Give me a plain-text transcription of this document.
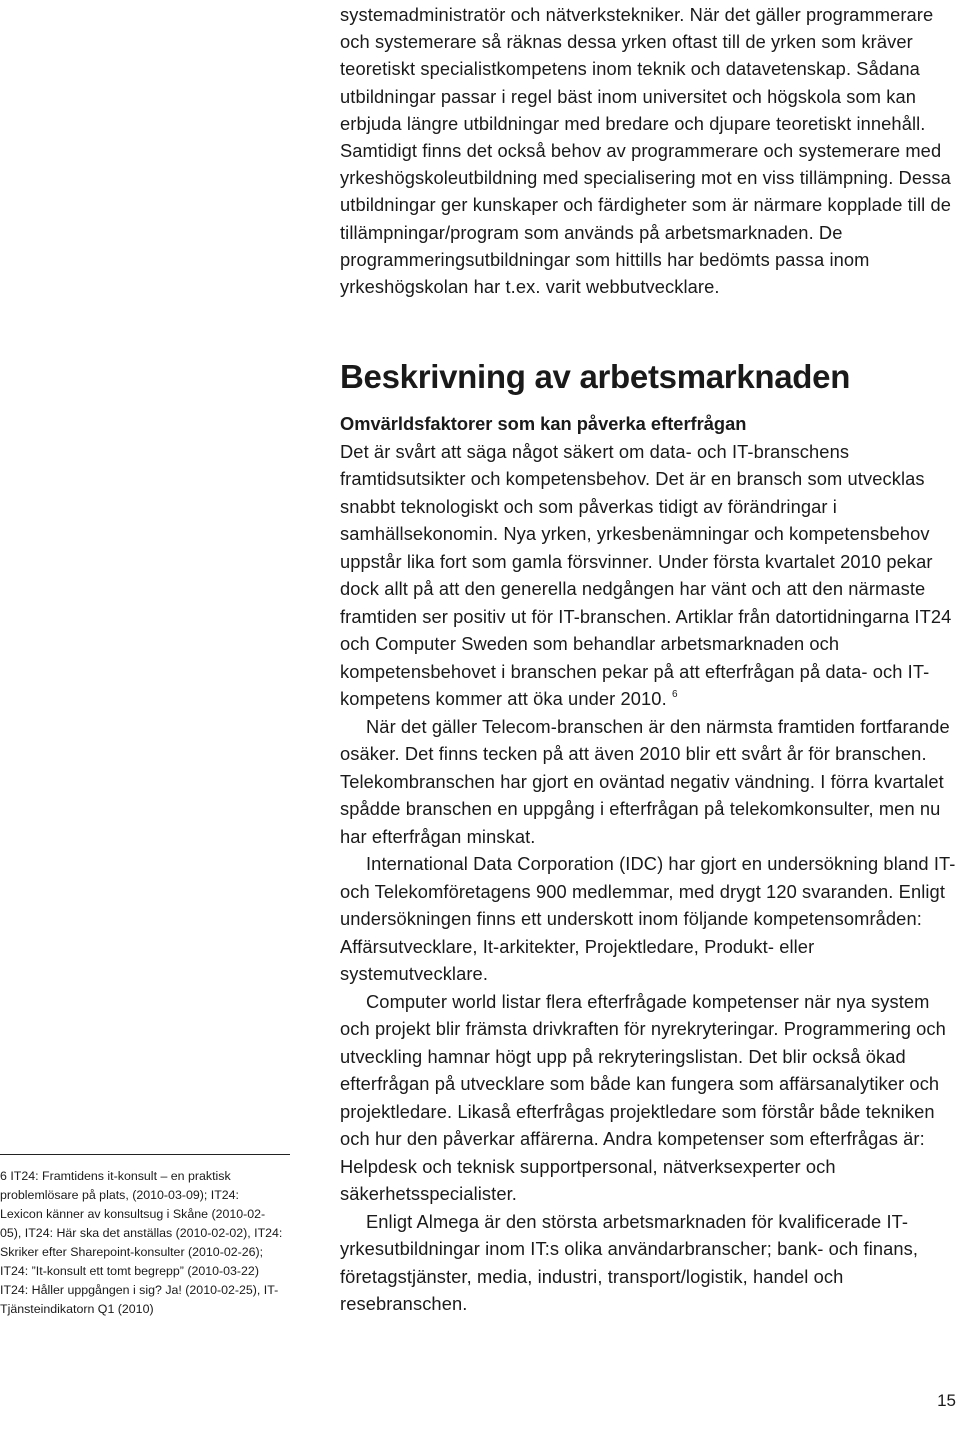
systemadministratör och nätverkstekniker. När det gäller programmerare och systemerare så räknas dessa yrken oftast till de yrken som kräver teoretiskt specialistkompetens inom teknik och datavetenskap. Sådana utbildningar passar i regel bäst inom universitet och högskola som kan erbjuda längre utbildningar med bredare och djupare teoretiskt innehåll. Samtidigt finns det också behov av programmerare och systemerare med yrkeshögskoleutbildning med specialisering mot en viss tillämpning. Dessa utbildningar ger kunskaper och färdigheter som är närmare kopplade till de tillämpningar/program som används på arbetsmarknaden. De programmeringsutbildningar som hittills har bedömts passa inom yrkeshögskolan har t.ex. varit webbutvecklare.

Beskrivning av arbetsmarknaden

Omvärldsfaktorer som kan påverka efterfrågan

Det är svårt att säga något säkert om data- och IT-branschens framtidsutsikter och kompetensbehov. Det är en bransch som utvecklas snabbt teknologiskt och som påverkas tidigt av förändringar i samhällsekonomin. Nya yrken, yrkesbenämningar och kompetensbehov uppstår lika fort som gamla försvinner. Under första kvartalet 2010 pekar dock allt på att den generella nedgången har vänt och att den närmaste framtiden ser positiv ut för IT-branschen. Artiklar från datortidningarna IT24 och Computer Sweden som behandlar arbetsmarknaden och kompetensbehovet i branschen pekar på att efterfrågan på data- och IT-kompetens kommer att öka under 2010. $^6$

När det gäller Telecom-branschen är den närmsta framtiden fortfarande osäker. Det finns tecken på att även 2010 blir ett svårt år för branschen. Telekombranschen har gjort en oväntad negativ vändning. I förra kvartalet spådde branschen en uppgång i efterfrågan på telekomkonsulter, men nu har efterfrågan minskat.

International Data Corporation (IDC) har gjort en undersökning bland IT- och Telekomföretagens 900 medlemmar, med drygt 120 svaranden. Enligt undersökningen finns ett underskott inom följande kompetensområden: Affärsutvecklare, It-arkitekter, Projektledare, Produkt- eller systemutvecklare.

Computer world listar flera efterfrågade kompetenser när nya system och projekt blir främsta drivkraften för nyrekryteringar. Programmering och utveckling hamnar högt upp på rekryteringslistan. Det blir också ökad efterfrågan på utvecklare som både kan fungera som affärsanalytiker och projektledare. Likaså efterfrågas projektledare som förstår både tekniken och hur den påverkar affärerna. Andra kompetenser som efterfrågas är: Helpdesk och teknisk supportpersonal, nätverksexperter och säkerhetsspecialister.

Enligt Almega är den största arbetsmarknaden för kvalificerade IT-yrkesutbildningar inom IT:s olika användarbranscher; bank- och finans, företagstjänster, media, industri, transport/logistik, handel och resebranschen.

6 IT24: Framtidens it-konsult – en praktisk problemlösare på plats, (2010-03-09); IT24: Lexicon känner av konsultsug i Skåne (2010-02-05), IT24: Här ska det anställas (2010-02-02), IT24: Skriker efter Sharepoint-konsulter (2010-02-26); IT24: ”It-konsult ett tomt begrepp” (2010-03-22) IT24: Håller uppgången i sig? Ja! (2010-02-25), IT-Tjänsteindikatorn Q1 (2010)

15
